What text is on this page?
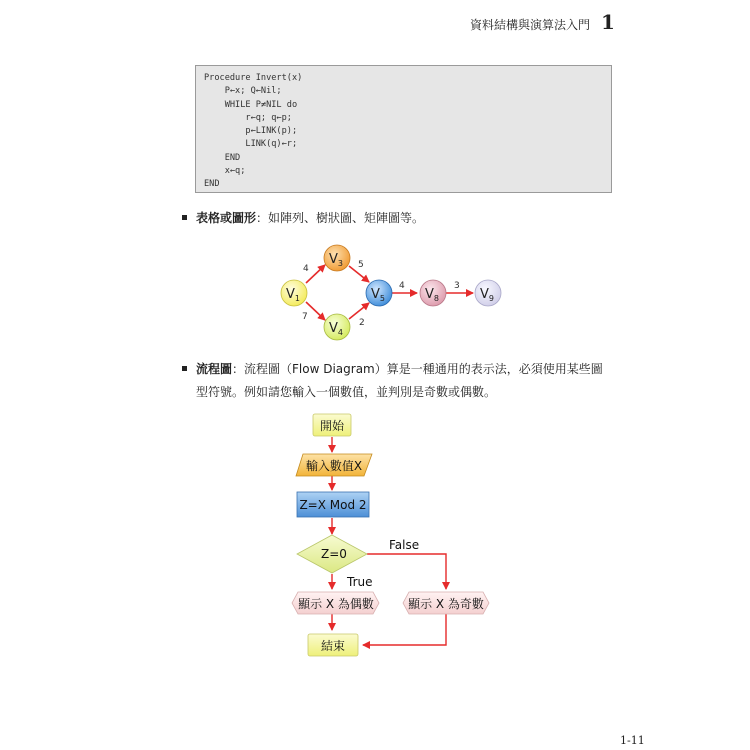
資料結構與演算法入門 1
Procedure Invert(x)
P←x; Q←Nil;
WHILE P≠NIL do
r←q; q←p;
p←LINK(p);
LINK(q)←r;
END
x←q;
END
表格或圖形：如陣列、樹狀圖、矩陣圖等。
流程圖：流程圖（Flow Diagram）算是一種通用的表示法，必須使用某些圖
型符號。例如請您輸入一個數值，並判別是奇數或偶數。
4	5
7
2
4	3
$V_1$
$V_3$
$V_4$
$V_5$	$V_8$	$V_9$
開始
輸入數值X
Z=X Mod 2
Z=0
False
True
顯示 X 為偶數	顯示 X 為奇數
結束
1-11
